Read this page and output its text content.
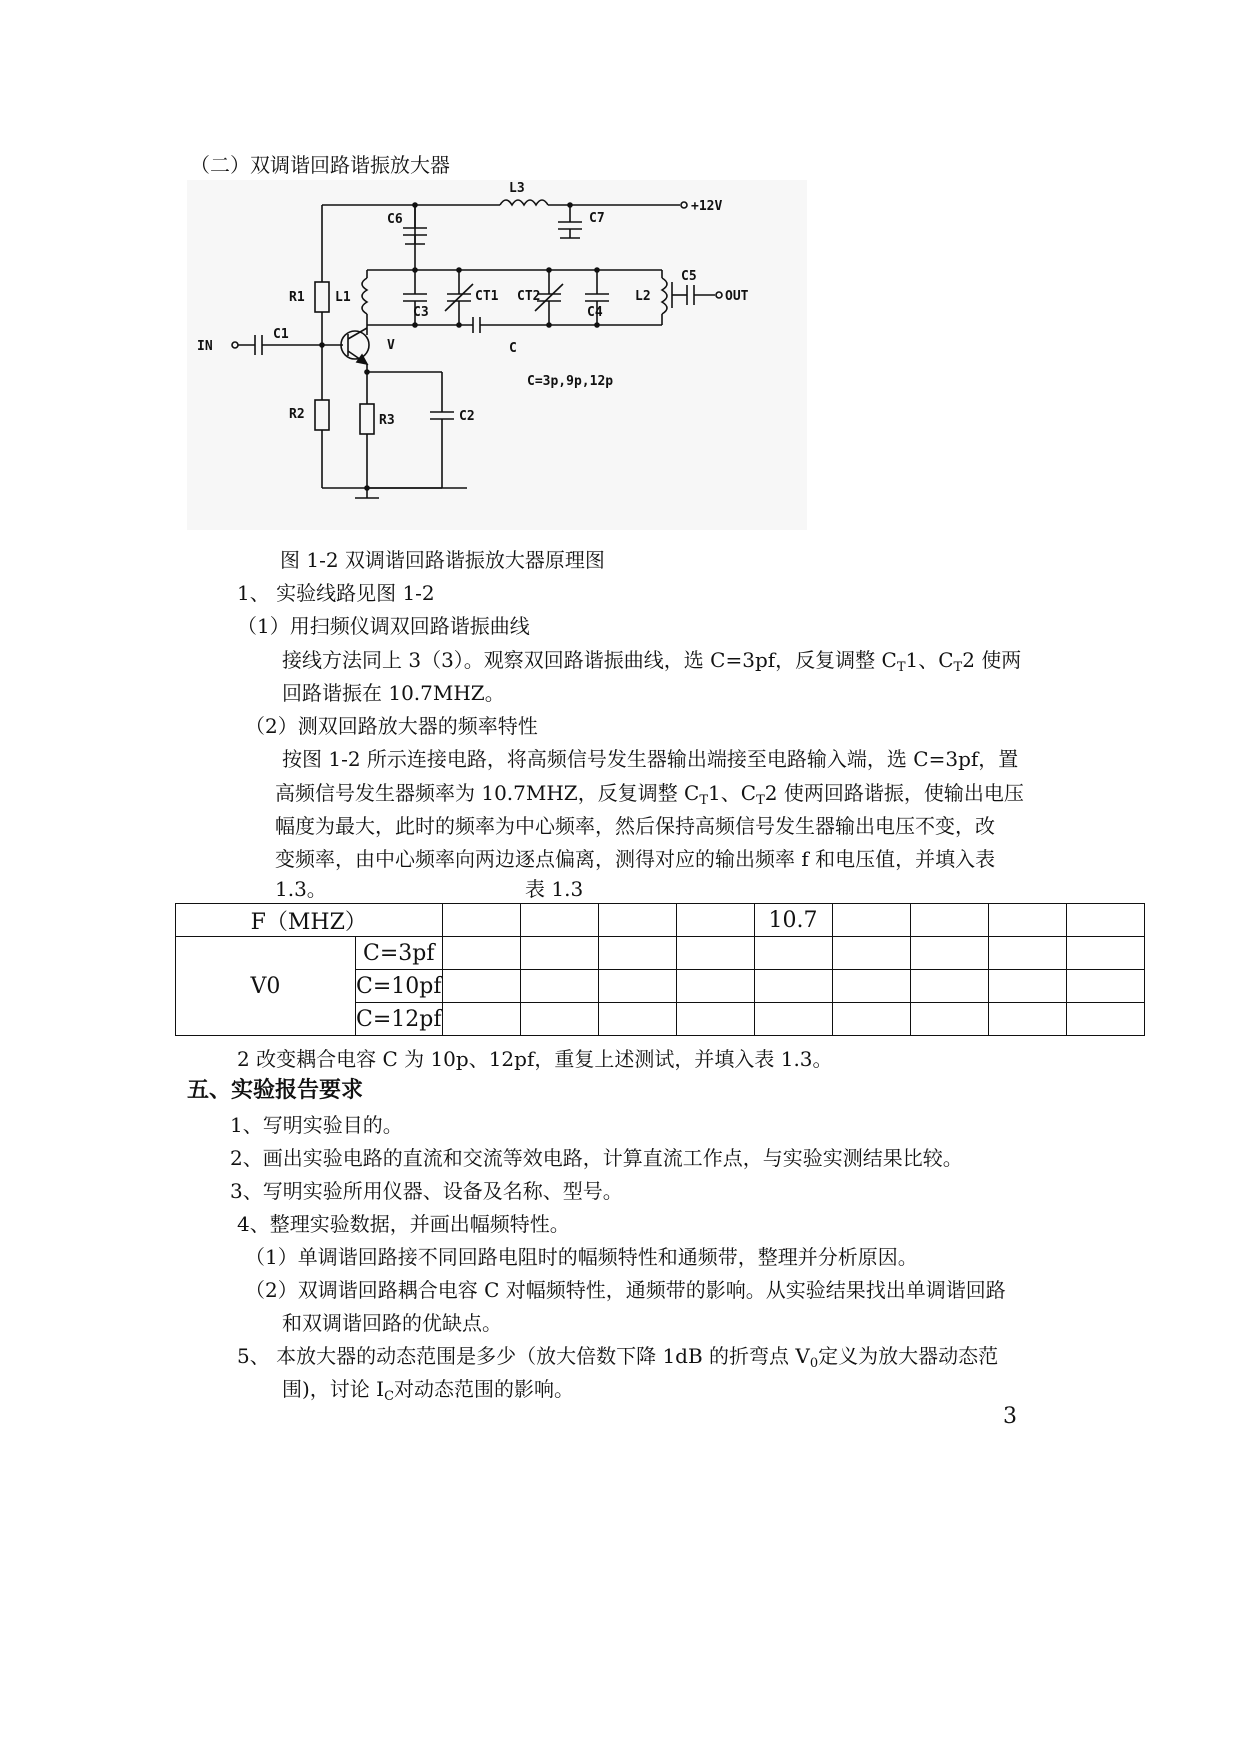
（二）双调谐回路谐振放大器
L3
+12V
C6	C7
R1 L1
C3
CT1 CT2
C4
L2
C5
OUT
C1
IN	V	C
C=3p,9p,12p
R2	R3	C2
图 1-2 双调谐回路谐振放大器原理图
1、 实验线路见图 1-2
（1）用扫频仪调双回路谐振曲线
接线方法同上 3（3）。观察双回路谐振曲线，选 C=3pf，反复调整 $C_T1$、$C_T2$ 使两
回路谐振在 10.7MHZ。
（2）测双回路放大器的频率特性
按图 1-2 所示连接电路，将高频信号发生器输出端接至电路输入端，选 C=3pf，置
高频信号发生器频率为 10.7MHZ，反复调整 $C_T1$、$C_T2$ 使两回路谐振，使输出电压
幅度为最大，此时的频率为中心频率，然后保持高频信号发生器输出电压不变，改
变频率，由中心频率向两边逐点偏离，测得对应的输出频率 f 和电压值，并填入表
1.3。	表 1.3
F（MHZ）						10.7				
V0	C=3pf									
	C=10pf									
	C=12pf									
2 改变耦合电容 C 为 10p、12pf，重复上述测试，并填入表 1.3。
五、实验报告要求
1、写明实验目的。
2、画出实验电路的直流和交流等效电路，计算直流工作点，与实验实测结果比较。
3、写明实验所用仪器、设备及名称、型号。
4、整理实验数据，并画出幅频特性。
（1）单调谐回路接不同回路电阻时的幅频特性和通频带，整理并分析原因。
（2）双调谐回路耦合电容 C 对幅频特性，通频带的影响。从实验结果找出单调谐回路
和双调谐回路的优缺点。
5、 本放大器的动态范围是多少（放大倍数下降 1dB 的折弯点 $V_0$定义为放大器动态范
围)，讨论 $I_C$对动态范围的影响。
3
